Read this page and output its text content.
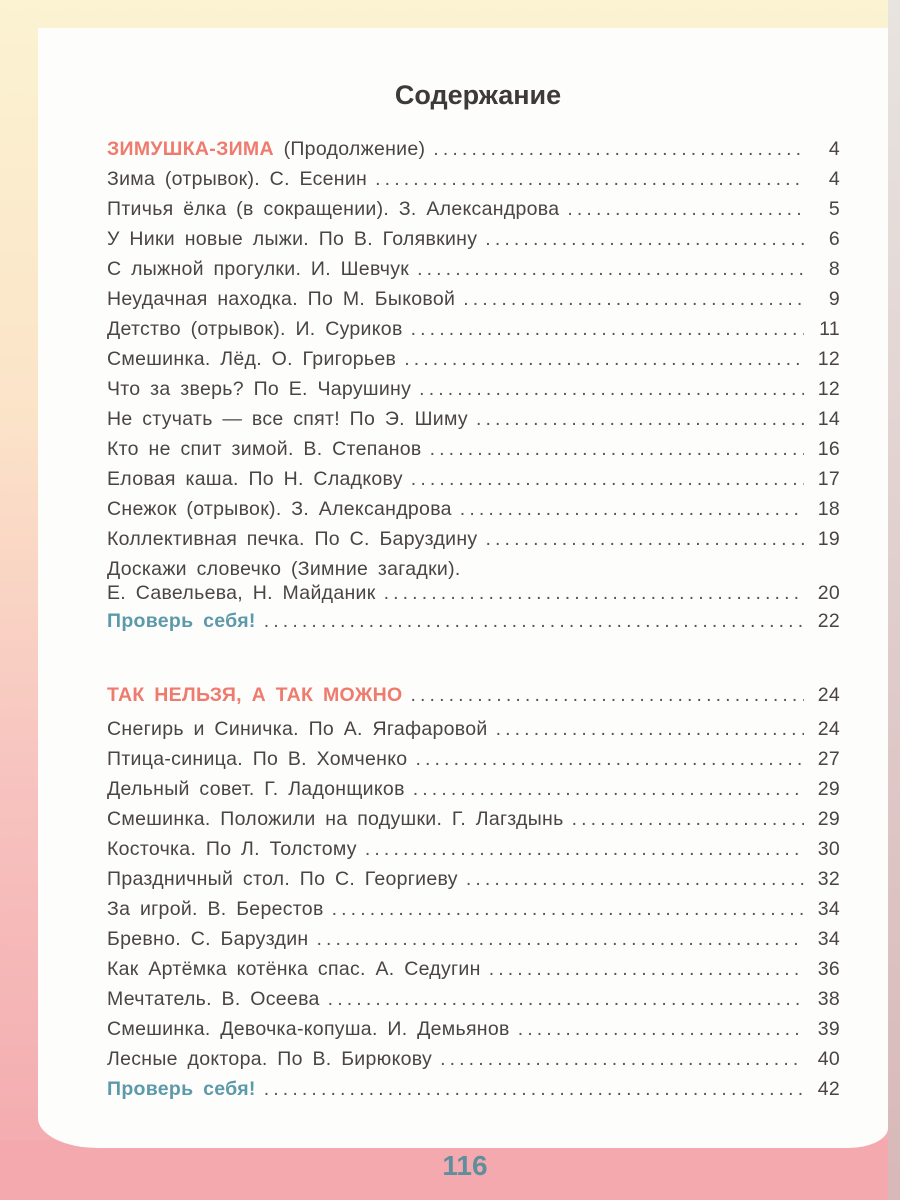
Содержание
ЗИМУШКА-ЗИМА (Продолжение) . . .	4
Зима (отрывок). С. Есенин . . .	4
Птичья ёлка (в сокращении). З. Александрова . . .	5
У Ники новые лыжи. По В. Голявкину . . .	6
С лыжной прогулки. И. Шевчук . . .	8
Неудачная находка. По М. Быковой . . .	9
Детство (отрывок). И. Суриков . . .	11
Смешинка. Лёд. О. Григорьев . . .	12
Что за зверь? По Е. Чарушину . . .	12
Не стучать — все спят! По Э. Шиму . . .	14
Кто не спит зимой. В. Степанов . . .	16
Еловая каша. По Н. Сладкову . . .	17
Снежок (отрывок). З. Александрова . . .	18
Коллективная печка. По С. Баруздину . . .	19
Доскажи словечко (Зимние загадки).
Е. Савельева, Н. Майданик . . .	20
Проверь себя! . . .	22
ТАК НЕЛЬЗЯ, А ТАК МОЖНО . . .	24
Снегирь и Синичка. По А. Ягафаровой . . .	24
Птица-синица. По В. Хомченко . . .	27
Дельный совет. Г. Ладонщиков . . .	29
Смешинка. Положили на подушки. Г. Лагздынь . . .	29
Косточка. По Л. Толстому . . .	30
Праздничный стол. По С. Георгиеву . . .	32
За игрой. В. Берестов . . .	34
Бревно. С. Баруздин . . .	34
Как Артёмка котёнка спас. А. Седугин . . .	36
Мечтатель. В. Осеева . . .	38
Смешинка. Девочка-копуша. И. Демьянов . . .	39
Лесные доктора. По В. Бирюкову . . .	40
Проверь себя! . . .	42
116
